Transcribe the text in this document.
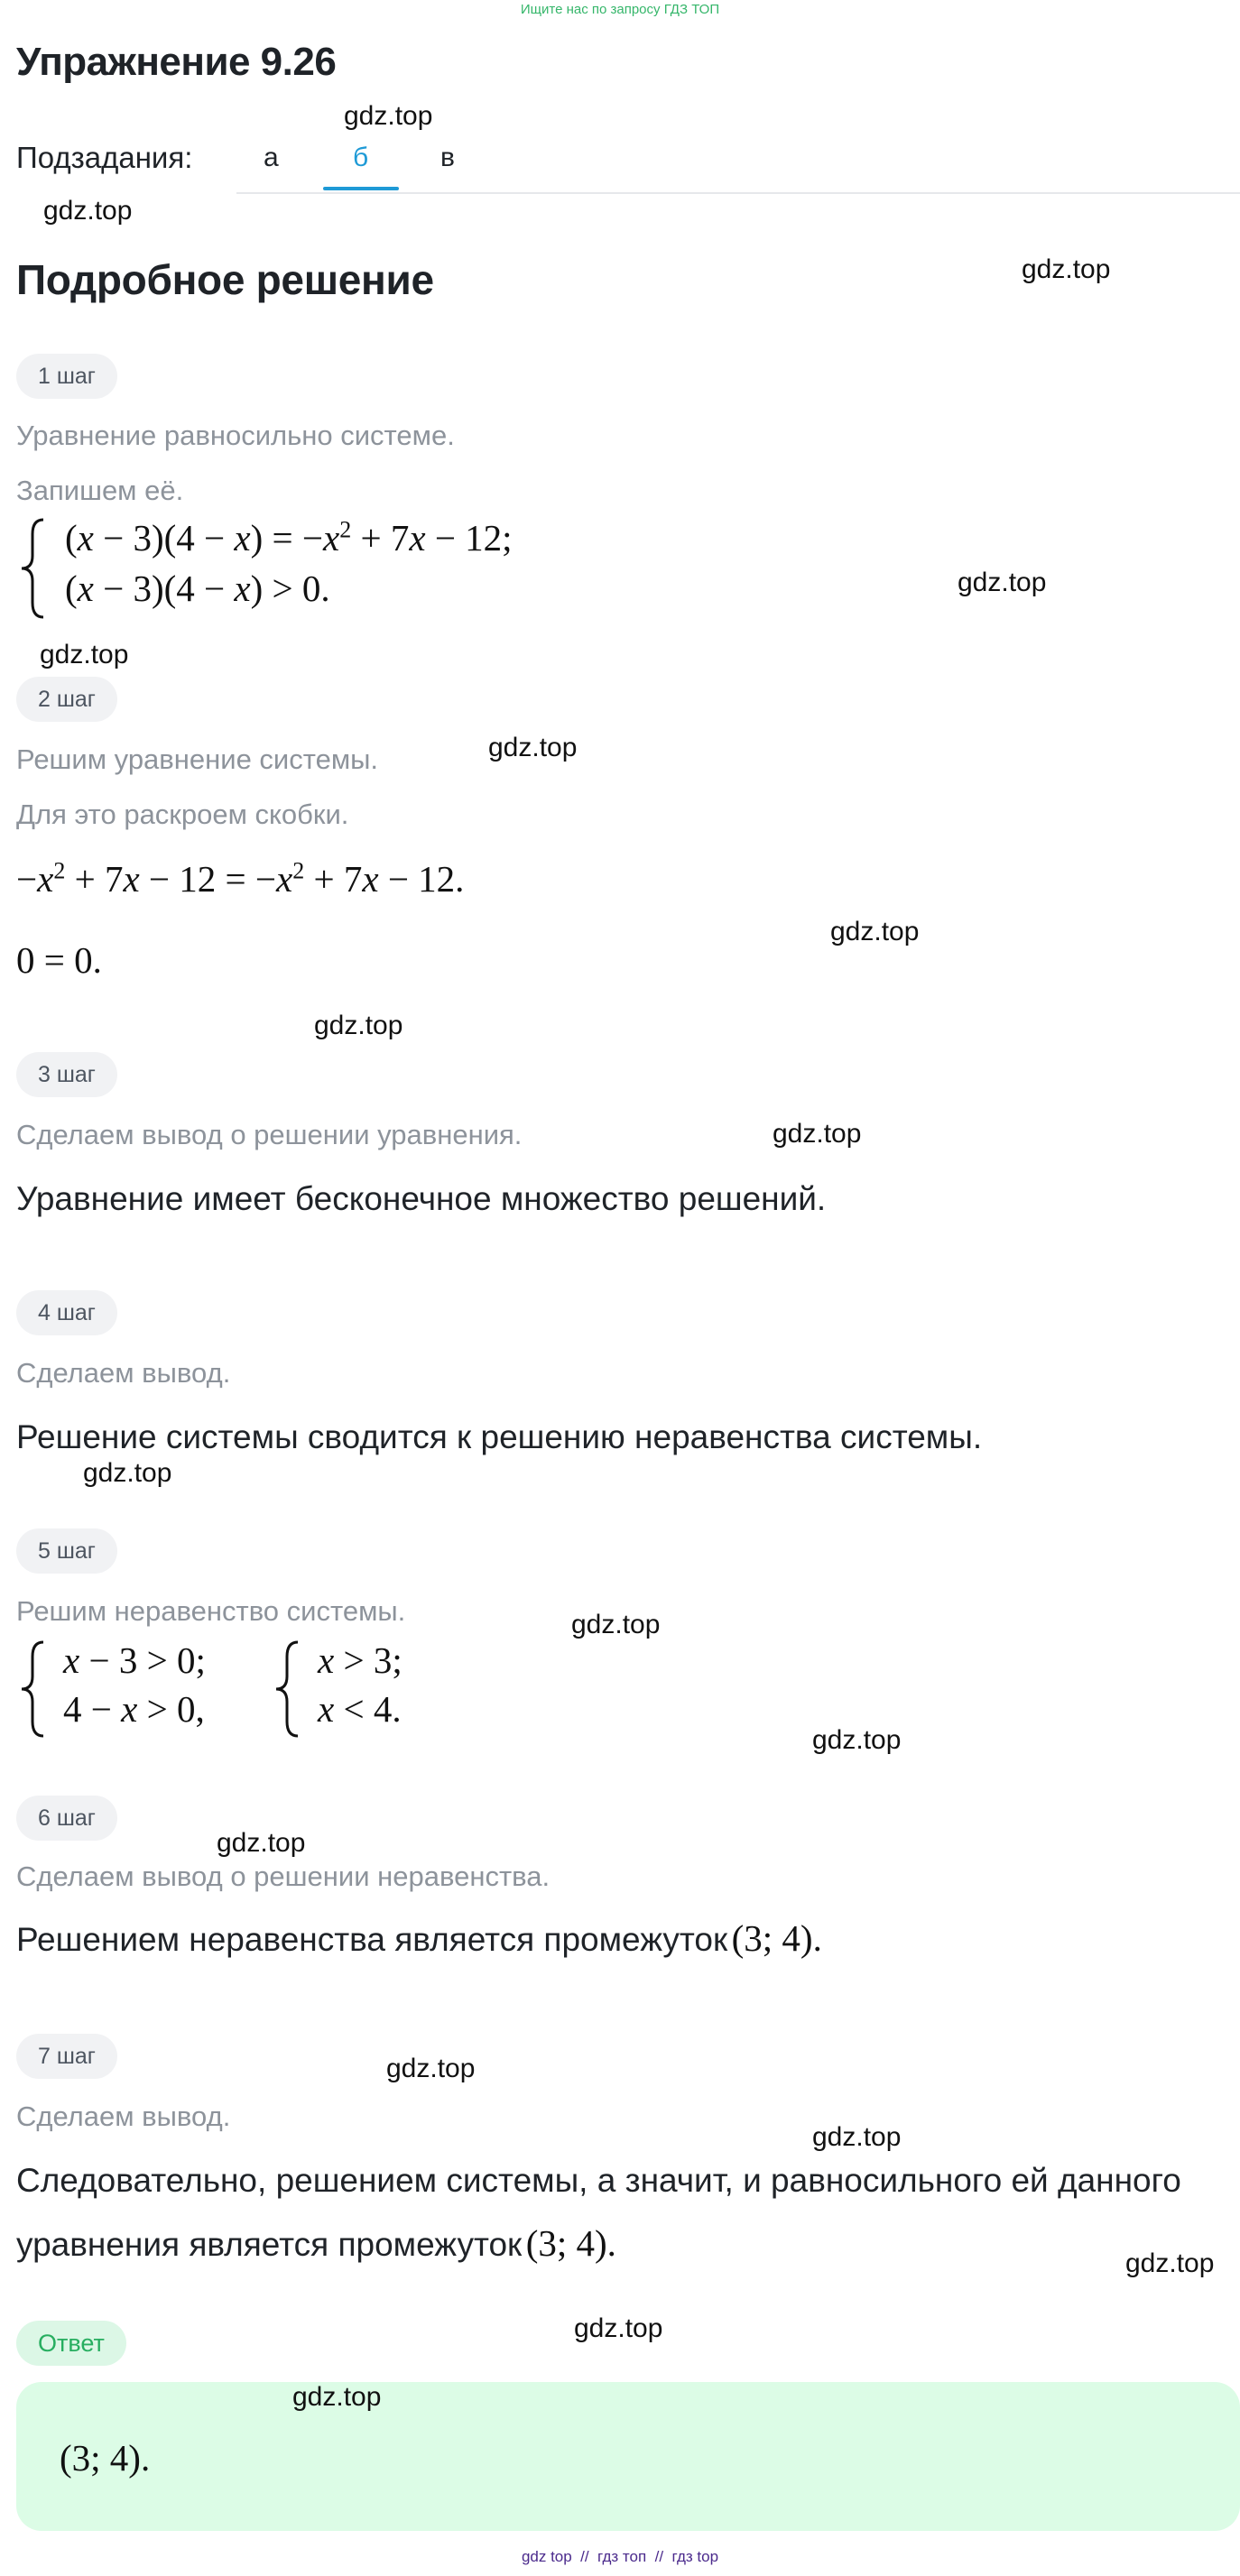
Ищите нас по запросу ГДЗ ТОП
Упражнение 9.26
gdz.top
Подзадания:	а	б	в
gdz.top
Подробное решение	gdz.top
1 шаг
Уравнение равносильно системе.
Запишем её.
$(x - 3)(4 - x) = -x^2 + 7x - 12$;
(x − 3)(4 − x) > 0.	gdz.top
gdz.top
2 шаг
Решим уравнение системы.	gdz.top
Для это раскроем скобки.
$-x^2 + 7x - 12 = -x^2 + 7x - 12$.
gdz.top
0 = 0.
gdz.top
3 шаг
Сделаем вывод о решении уравнения.	gdz.top
Уравнение имеет бесконечное множество решений.
4 шаг
Сделаем вывод.
Решение системы сводится к решению неравенства системы.
gdz.top
5 шаг
Решим неравенство системы.	gdz.top
x − 3 > 0;
4 − x > 0,
x > 3;
x < 4.
gdz.top
6 шаг
gdz.top
Сделаем вывод о решении неравенства.
Решением неравенства является промежуток (3; 4).
7 шаг	gdz.top
Сделаем вывод.
gdz.top
Следовательно, решением системы, а значит, и равносильного ей данного
уравнения является промежуток (3; 4).	gdz.top
gdz.top
Ответ
gdz.top
(3; 4).
gdz top  //  гдз топ  //  гдз top
